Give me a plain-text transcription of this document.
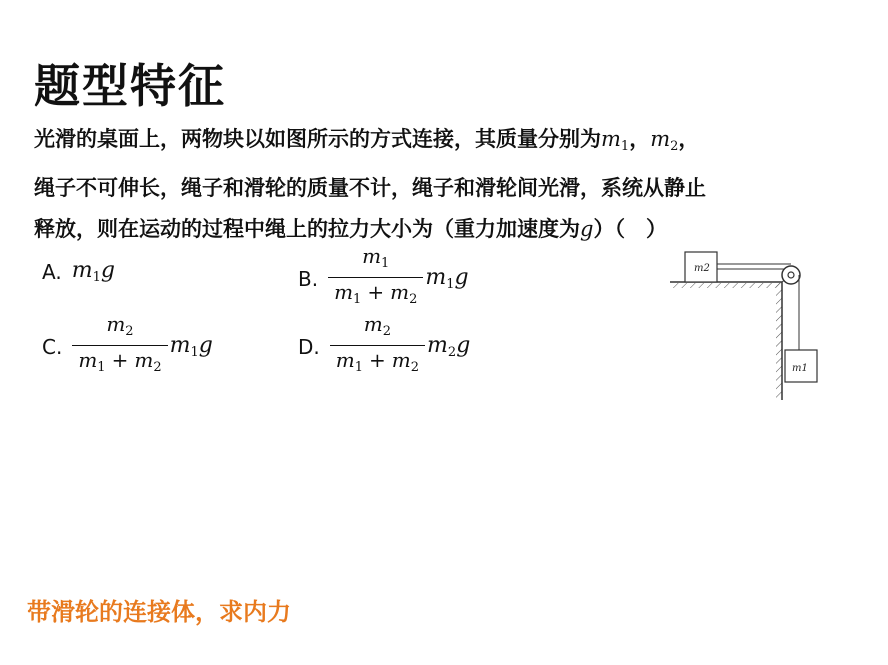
题型特征
光滑的桌面上，两物块以如图所示的方式连接，其质量分别为$m_1$，$m_2$，
绳子不可伸长，绳子和滑轮的质量不计，绳子和滑轮间光滑，系统从静止
释放，则在运动的过程中绳上的拉力大小为（重力加速度为g）（　）
A. $m_1g$	B. $\frac{m_1}{m_1 + m_2} m_1g$
C. $\frac{m_2}{m_1 + m_2} m_1g$	D. $\frac{m_2}{m_1 + m_2} m_2g$
m2
m1
带滑轮的连接体，求内力
